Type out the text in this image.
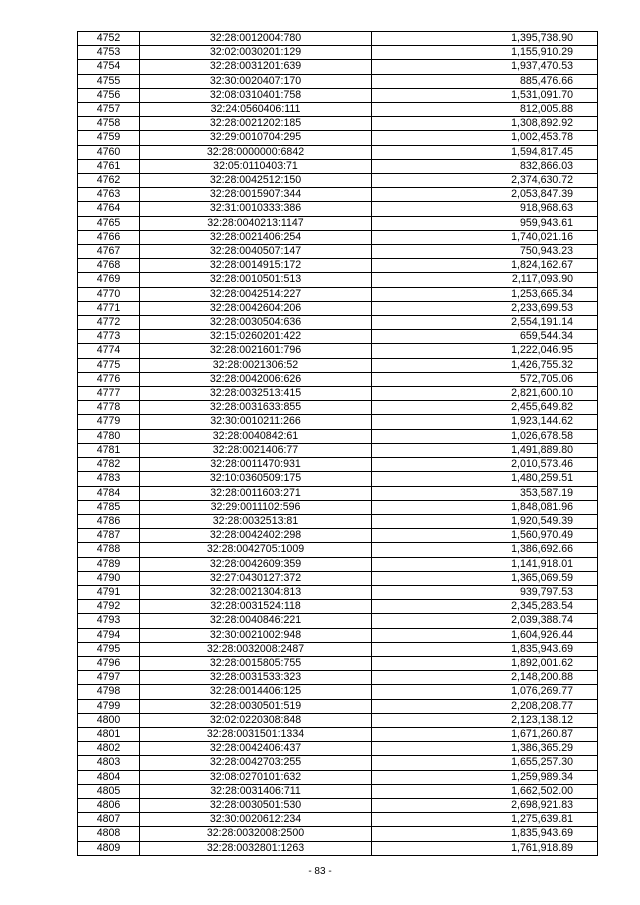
4752	32:28:0012004:780	1,395,738.90
4753	32:02:0030201:129	1,155,910.29
4754	32:28:0031201:639	1,937,470.53
4755	32:30:0020407:170	885,476.66
4756	32:08:0310401:758	1,531,091.70
4757	32:24:0560406:111	812,005.88
4758	32:28:0021202:185	1,308,892.92
4759	32:29:0010704:295	1,002,453.78
4760	32:28:0000000:6842	1,594,817.45
4761	32:05:0110403:71	832,866.03
4762	32:28:0042512:150	2,374,630.72
4763	32:28:0015907:344	2,053,847.39
4764	32:31:0010333:386	918,968.63
4765	32:28:0040213:1147	959,943.61
4766	32:28:0021406:254	1,740,021.16
4767	32:28:0040507:147	750,943.23
4768	32:28:0014915:172	1,824,162.67
4769	32:28:0010501:513	2,117,093.90
4770	32:28:0042514:227	1,253,665.34
4771	32:28:0042604:206	2,233,699.53
4772	32:28:0030504:636	2,554,191.14
4773	32:15:0260201:422	659,544.34
4774	32:28:0021601:796	1,222,046.95
4775	32:28:0021306:52	1,426,755.32
4776	32:28:0042006:626	572,705.06
4777	32:28:0032513:415	2,821,600.10
4778	32:28:0031633:855	2,455,649.82
4779	32:30:0010211:266	1,923,144.62
4780	32:28:0040842:61	1,026,678.58
4781	32:28:0021406:77	1,491,889.80
4782	32:28:0011470:931	2,010,573.46
4783	32:10:0360509:175	1,480,259.51
4784	32:28:0011603:271	353,587.19
4785	32:29:0011102:596	1,848,081.96
4786	32:28:0032513:81	1,920,549.39
4787	32:28:0042402:298	1,560,970.49
4788	32:28:0042705:1009	1,386,692.66
4789	32:28:0042609:359	1,141,918.01
4790	32:27:0430127:372	1,365,069.59
4791	32:28:0021304:813	939,797.53
4792	32:28:0031524:118	2,345,283.54
4793	32:28:0040846:221	2,039,388.74
4794	32:30:0021002:948	1,604,926.44
4795	32:28:0032008:2487	1,835,943.69
4796	32:28:0015805:755	1,892,001.62
4797	32:28:0031533:323	2,148,200.88
4798	32:28:0014406:125	1,076,269.77
4799	32:28:0030501:519	2,208,208.77
4800	32:02:0220308:848	2,123,138.12
4801	32:28:0031501:1334	1,671,260.87
4802	32:28:0042406:437	1,386,365.29
4803	32:28:0042703:255	1,655,257.30
4804	32:08:0270101:632	1,259,989.34
4805	32:28:0031406:711	1,662,502.00
4806	32:28:0030501:530	2,698,921.83
4807	32:30:0020612:234	1,275,639.81
4808	32:28:0032008:2500	1,835,943.69
4809	32:28:0032801:1263	1,761,918.89
- 83 -
